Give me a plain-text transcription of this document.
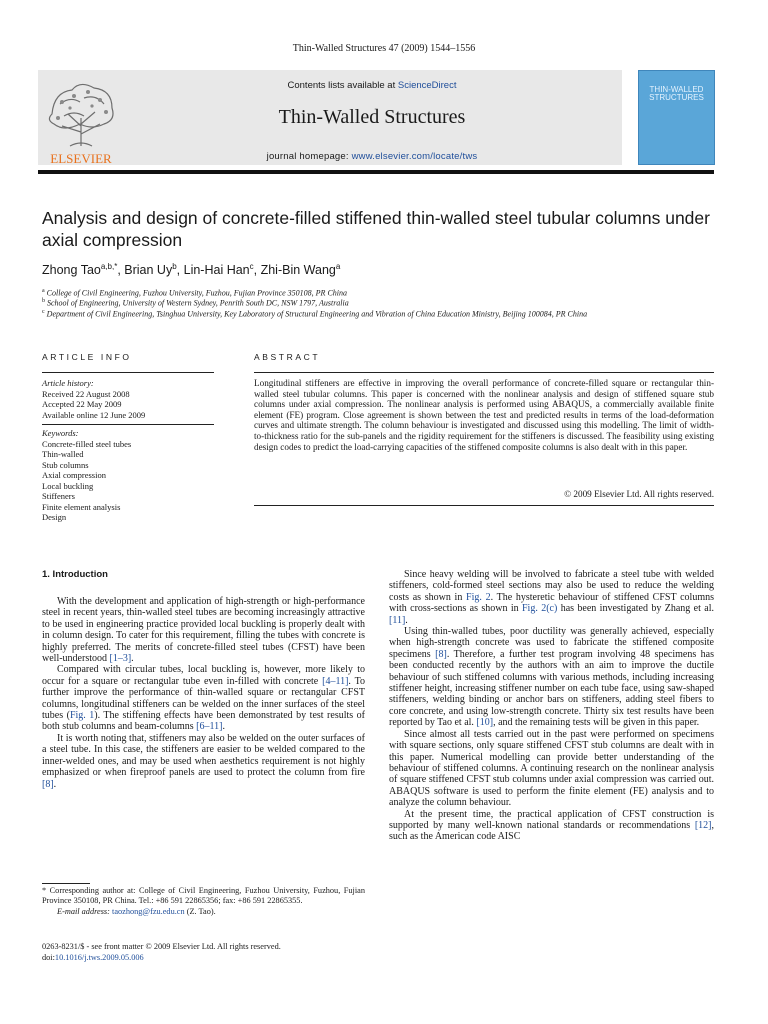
Thin-Walled Structures 47 (2009) 1544–1556
ELSEVIER
Contents lists available at ScienceDirect
Thin-Walled Structures
journal homepage: www.elsevier.com/locate/tws
THIN-WALLED STRUCTURES
Analysis and design of concrete-filled stiffened thin-walled steel tubular columns under axial compression
Zhong Tao$^{a,b,*}$, Brian Uy$^b$, Lin-Hai Han$^c$, Zhi-Bin Wang$^a$
$^a$ College of Civil Engineering, Fuzhou University, Fuzhou, Fujian Province 350108, PR China
$^b$ School of Engineering, University of Western Sydney, Penrith South DC, NSW 1797, Australia
$^c$ Department of Civil Engineering, Tsinghua University, Key Laboratory of Structural Engineering and Vibration of China Education Ministry, Beijing 100084, PR China
ARTICLE INFO
Article history:
Received 22 August 2008
Accepted 22 May 2009
Available online 12 June 2009
Keywords:
Concrete-filled steel tubes
Thin-walled
Stub columns
Axial compression
Local buckling
Stiffeners
Finite element analysis
Design
ABSTRACT
Longitudinal stiffeners are effective in improving the overall performance of concrete-filled square or rectangular thin-walled steel tubular columns. This paper is concerned with the nonlinear analysis and design of stiffened square stub columns under axial compression. The nonlinear analysis is performed using ABAQUS, a commercially available finite element (FE) program. Close agreement is shown between the test and predicted results in terms of the load-deformation curves and ultimate strength. The column behaviour is investigated and discussed using this modelling. The limit of width-to-thickness ratio for the sub-panels and the rigidity requirement for the stiffeners is discussed. The feasibility using existing design codes to predict the load-carrying capacities of the stiffened composite columns is also dealt with in this paper.
© 2009 Elsevier Ltd. All rights reserved.
1. Introduction

With the development and application of high-strength or high-performance steel in recent years, thin-walled steel tubes are becoming increasingly attractive to be used in engineering practice provided local buckling is properly dealt with in column design. To cater for this requirement, filling the tubes with concrete is highly preferred. The merits of concrete-filled steel tubes (CFST) have been well-understood [1–3].

Compared with circular tubes, local buckling is, however, more likely to occur for a square or rectangular tube even in-filled with concrete [4–11]. To further improve the performance of thin-walled square or rectangular CFST columns, longitudinal stiffeners can be welded on the inner surfaces of the steel tubes (Fig. 1). The stiffening effects have been demonstrated by test results of both stub columns and beam-columns [6–11].

It is worth noting that, stiffeners may also be welded on the outer surfaces of a steel tube. In this case, the stiffeners are easier to be welded compared to the inner-welded ones, and may be used when aesthetics requirement is not highly emphasized or when fireproof panels are used to protect the column from fire [8].

Since heavy welding will be involved to fabricate a steel tube with welded stiffeners, cold-formed steel sections may also be used to reduce the welding costs as shown in Fig. 2. The hysteretic behaviour of stiffened CFST columns with cross-sections as shown in Fig. 2(c) has been investigated by Zhang et al. [11].

Using thin-walled tubes, poor ductility was generally achieved, especially when high-strength concrete was used to fabricate the stiffened composite specimens [8]. Therefore, a further test program involving 48 specimens has been conducted recently by the authors with an aim to improve the ductile behaviour of such stiffened columns with various methods, including increasing stiffener height, increasing stiffener number on each tube face, using saw-shaped stiffeners, welding binding or anchor bars on stiffeners, adding steel fibers to core concrete, and using low-strength concrete. Thirty six test results have been reported by Tao et al. [10], and the remaining tests will be given in this paper.

Since almost all tests carried out in the past were performed on specimens with square sections, only square stiffened CFST stub columns are dealt with in this paper. Numerical modelling can provide better understanding of the behaviour of stiffened columns. A continuing research on the nonlinear analysis of square stiffened CFST stub columns under axial compression was carried out. ABAQUS software is used to perform the finite element (FE) analysis and to analyze the column behaviour.

At the present time, the practical application of CFST construction is supported by many well-known national standards or recommendations [12], such as the American code AISC

* Corresponding author at: College of Civil Engineering, Fuzhou University, Fuzhou, Fujian Province 350108, PR China. Tel.: +86 591 22865356; fax: +86 591 22865355.
E-mail address: taozhong@fzu.edu.cn (Z. Tao).
0263-8231/$ - see front matter © 2009 Elsevier Ltd. All rights reserved.
doi:10.1016/j.tws.2009.05.006
